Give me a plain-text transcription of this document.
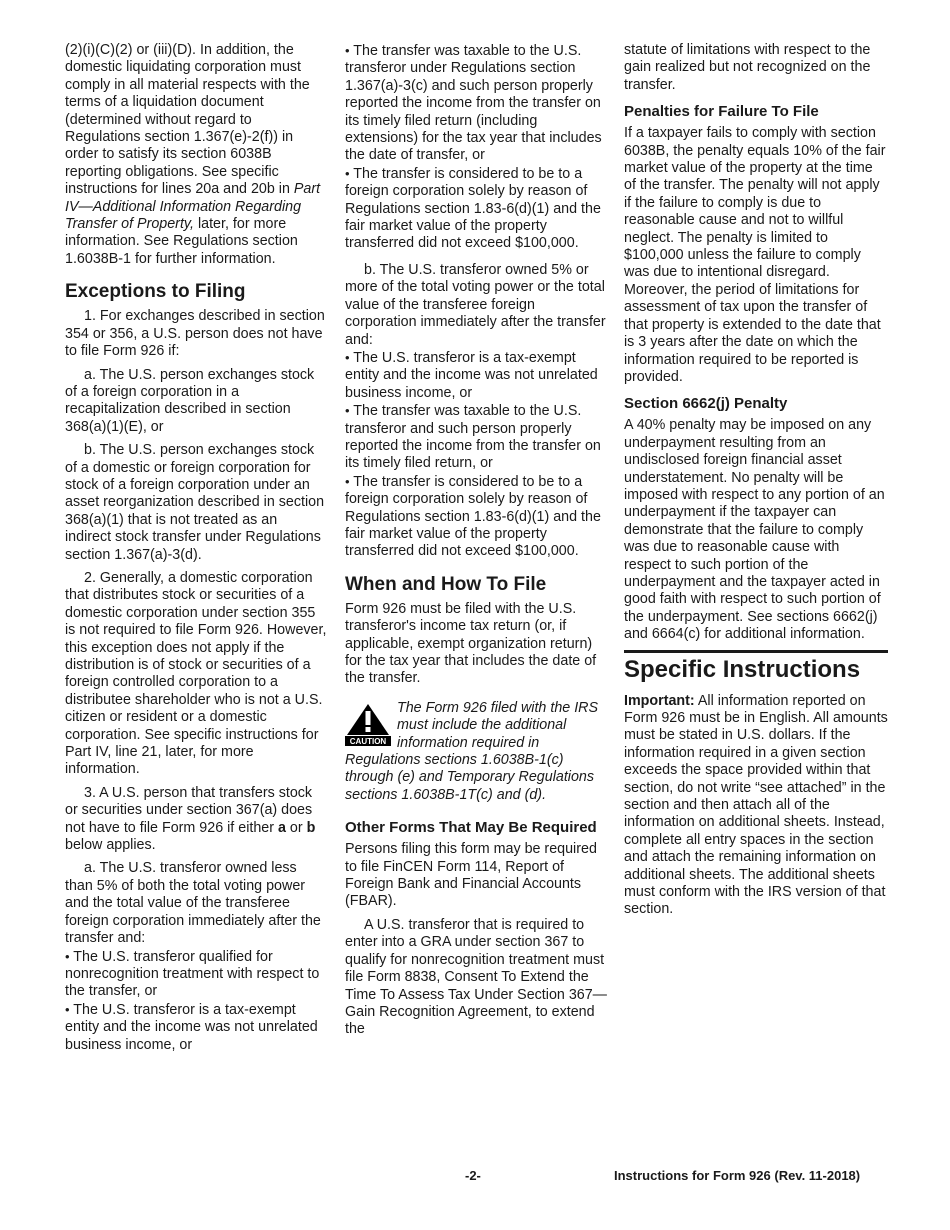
(2)(i)(C)(2) or (iii)(D). In addition, the domestic liquidating corporation must comply in all material respects with the terms of a liquidation document (determined without regard to Regulations section 1.367(e)-2(f)) in order to satisfy its section 6038B reporting obligations. See specific instructions for lines 20a and 20b in Part IV—Additional Information Regarding Transfer of Property, later, for more information. See Regulations section 1.6038B-1 for further information.

Exceptions to Filing

1. For exchanges described in section 354 or 356, a U.S. person does not have to file Form 926 if:

a. The U.S. person exchanges stock of a foreign corporation in a recapitalization described in section 368(a)(1)(E), or

b. The U.S. person exchanges stock of a domestic or foreign corporation for stock of a foreign corporation under an asset reorganization described in section 368(a)(1) that is not treated as an indirect stock transfer under Regulations section 1.367(a)-3(d).

2. Generally, a domestic corporation that distributes stock or securities of a domestic corporation under section 355 is not required to file Form 926. However, this exception does not apply if the distribution is of stock or securities of a foreign controlled corporation to a distributee shareholder who is not a U.S. citizen or resident or a domestic corporation. See specific instructions for Part IV, line 21, later, for more information.

3. A U.S. person that transfers stock or securities under section 367(a) does not have to file Form 926 if either a or b below applies.

a. The U.S. transferor owned less than 5% of both the total voting power and the total value of the transferee foreign corporation immediately after the transfer and:

• The U.S. transferor qualified for nonrecognition treatment with respect to the transfer, or

• The U.S. transferor is a tax-exempt entity and the income was not unrelated business income, or

• The transfer was taxable to the U.S. transferor under Regulations section 1.367(a)-3(c) and such person properly reported the income from the transfer on its timely filed return (including extensions) for the tax year that includes the date of transfer, or

• The transfer is considered to be to a foreign corporation solely by reason of Regulations section 1.83-6(d)(1) and the fair market value of the property transferred did not exceed $100,000.

b. The U.S. transferor owned 5% or more of the total voting power or the total value of the transferee foreign corporation immediately after the transfer and:

• The U.S. transferor is a tax-exempt entity and the income was not unrelated business income, or

• The transfer was taxable to the U.S. transferor and such person properly reported the income from the transfer on its timely filed return, or

• The transfer is considered to be to a foreign corporation solely by reason of Regulations section 1.83-6(d)(1) and the fair market value of the property transferred did not exceed $100,000.

When and How To File

Form 926 must be filed with the U.S. transferor's income tax return (or, if applicable, exempt organization return) for the tax year that includes the date of the transfer.

CAUTION
The Form 926 filed with the IRS must include the additional information required in Regulations sections 1.6038B-1(c) through (e) and Temporary Regulations sections 1.6038B-1T(c) and (d).
Other Forms That May Be Required

Persons filing this form may be required to file FinCEN Form 114, Report of Foreign Bank and Financial Accounts (FBAR).

A U.S. transferor that is required to enter into a GRA under section 367 to qualify for nonrecognition treatment must file Form 8838, Consent To Extend the Time To Assess Tax Under Section 367—Gain Recognition Agreement, to extend the

statute of limitations with respect to the gain realized but not recognized on the transfer.

Penalties for Failure To File

If a taxpayer fails to comply with section 6038B, the penalty equals 10% of the fair market value of the property at the time of the transfer. The penalty will not apply if the failure to comply is due to reasonable cause and not to willful neglect. The penalty is limited to $100,000 unless the failure to comply was due to intentional disregard. Moreover, the period of limitations for assessment of tax upon the transfer of that property is extended to the date that is 3 years after the date on which the information required to be reported is provided.

Section 6662(j) Penalty

A 40% penalty may be imposed on any underpayment resulting from an undisclosed foreign financial asset understatement. No penalty will be imposed with respect to any portion of an underpayment if the taxpayer can demonstrate that the failure to comply was due to reasonable cause with respect to such portion of the underpayment and the taxpayer acted in good faith with respect to such portion of the underpayment. See sections 6662(j) and 6664(c) for additional information.

Specific Instructions

Important: All information reported on Form 926 must be in English. All amounts must be stated in U.S. dollars. If the information required in a given section exceeds the space provided within that section, do not write “see attached” in the section and then attach all of the information on additional sheets. Instead, complete all entry spaces in the section and attach the remaining information on additional sheets. The additional sheets must conform with the IRS version of that section.

-2-	Instructions for Form 926 (Rev. 11-2018)
